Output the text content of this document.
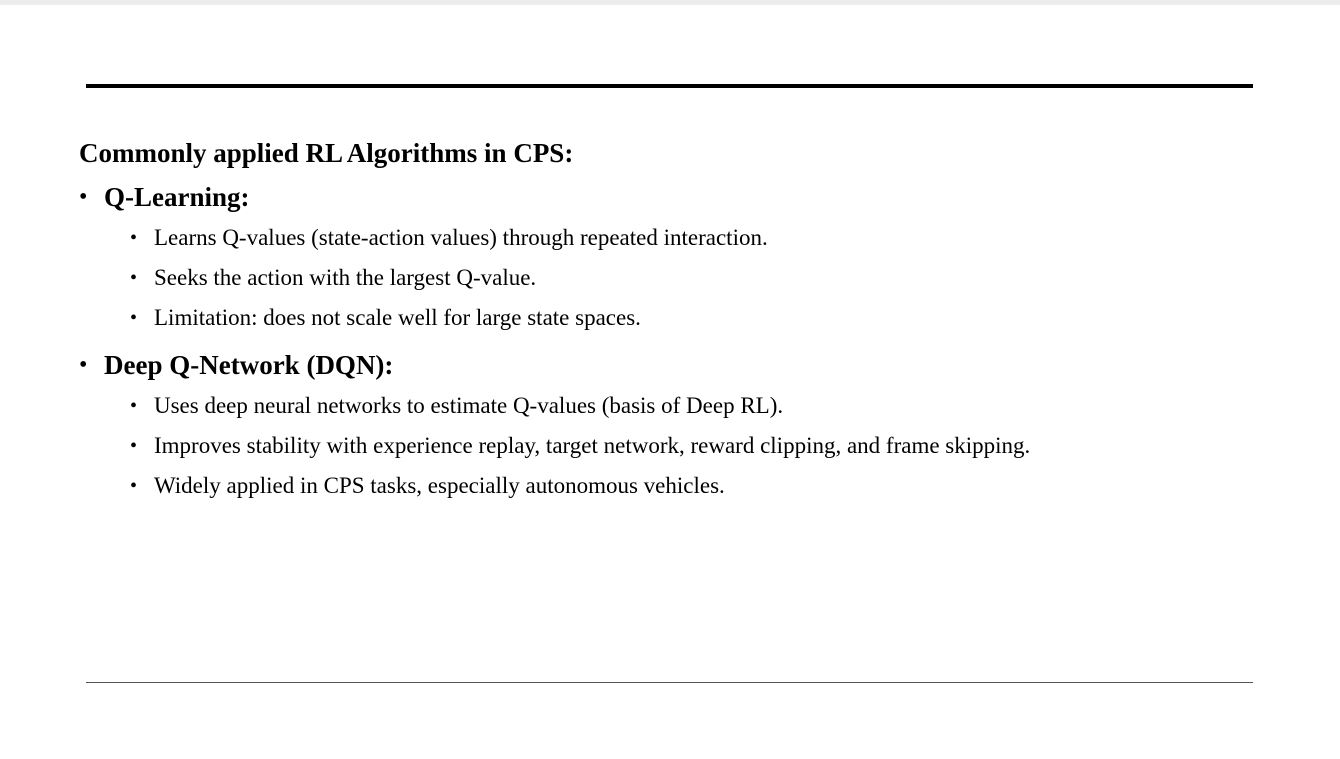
Commonly applied RL Algorithms in CPS:
• Q-Learning:
• Learns Q-values (state-action values) through repeated interaction.
• Seeks the action with the largest Q-value.
• Limitation: does not scale well for large state spaces.
• Deep Q-Network (DQN):
• Uses deep neural networks to estimate Q-values (basis of Deep RL).
• Improves stability with experience replay, target network, reward clipping, and frame skipping.
• Widely applied in CPS tasks, especially autonomous vehicles.
